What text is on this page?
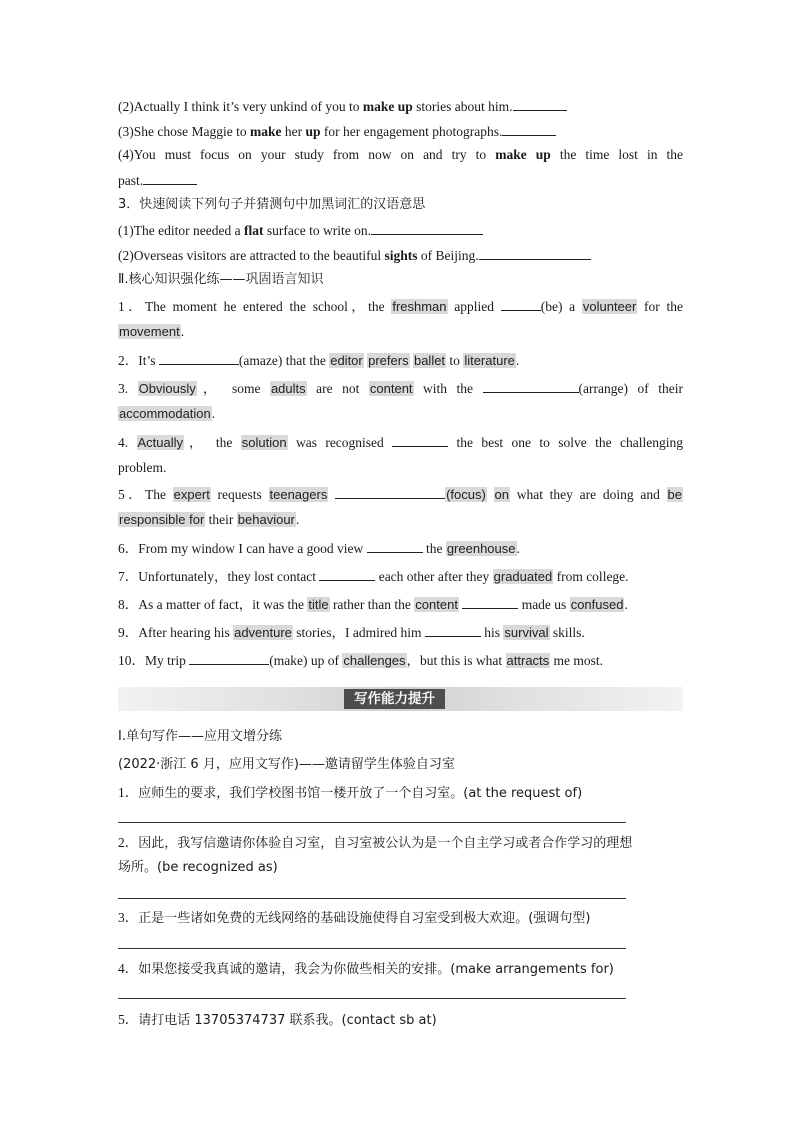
(2)Actually I think it’s very unkind of you to make up stories about him.
(3)She chose Maggie to make her up for her engagement photographs.
(4)You must focus on your study from now on and try to make up the time lost in the
past.
3．快速阅读下列句子并猜测句中加黑词汇的汉语意思
(1)The editor needed a flat surface to write on.
(2)Overseas visitors are attracted to the beautiful sights of Beijing.
Ⅱ.核心知识强化练——巩固语言知识
1．The moment he entered the school，the freshman applied	(be) a volunteer for the
movement.
2．It’s	(amaze) that the editor prefers ballet to literature.
3. Obviously， some adults are not content with the	(arrange) of their
accommodation.
4. Actually， the solution was recognised	the best one to solve the challenging
problem.
5．The expert requests teenagers	(focus) on what they are doing and be
responsible for their behaviour.
6．From my window I can have a good view	the greenhouse.
7．Unfortunately，they lost contact	each other after they graduated from college.
8．As a matter of fact，it was the title rather than the content	made us confused.
9．After hearing his adventure stories，I admired him	his survival skills.
10．My trip	(make) up of challenges，but this is what attracts me most.
写作能力提升
Ⅰ.单句写作——应用文增分练
(2022·浙江 6 月，应用文写作)——邀请留学生体验自习室
1．应师生的要求，我们学校图书馆一楼开放了一个自习室。(at the request of)
2．因此，我写信邀请你体验自习室，自习室被公认为是一个自主学习或者合作学习的理想
场所。(be recognized as)
3．正是一些诸如免费的无线网络的基础设施使得自习室受到极大欢迎。(强调句型)
4．如果您接受我真诚的邀请，我会为你做些相关的安排。(make arrangements for)
5．请打电话 13705374737 联系我。(contact sb at)
